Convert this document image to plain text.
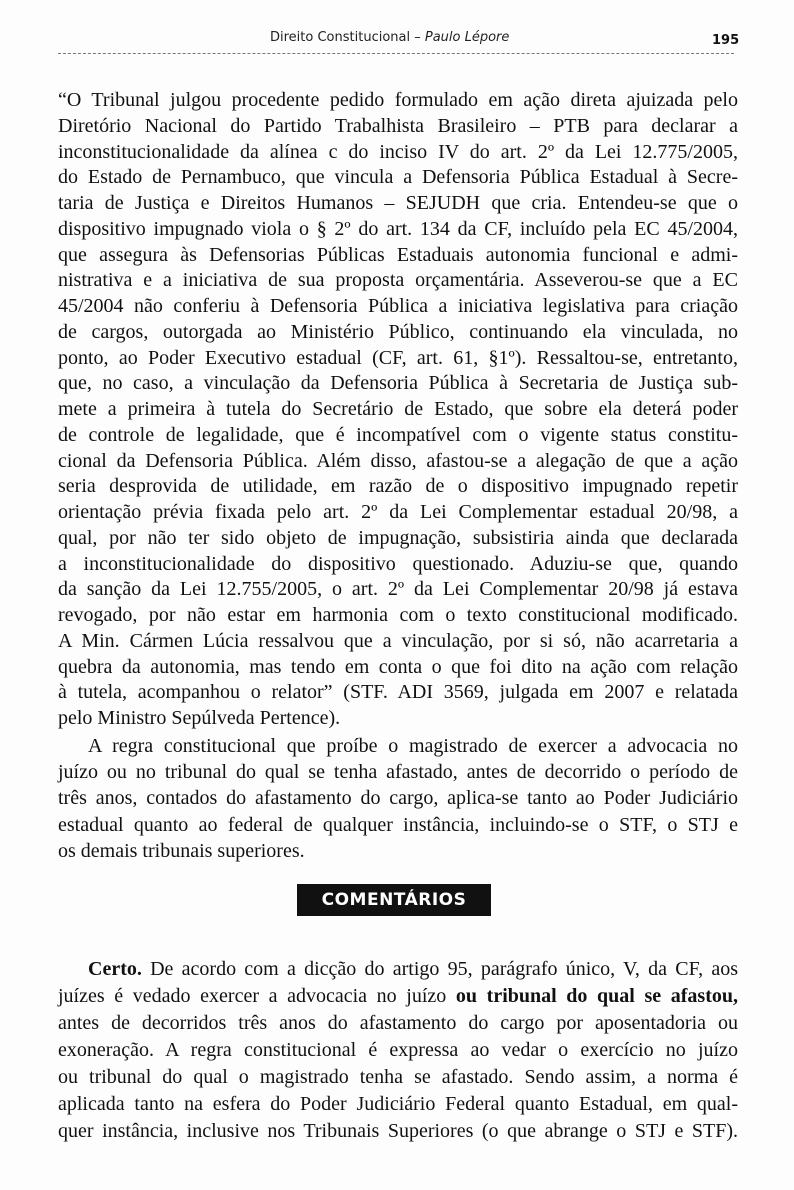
Direito Constitucional – Paulo Lépore	195
“O Tribunal julgou procedente pedido formulado em ação direta ajuizada pelo
Diretório Nacional do Partido Trabalhista Brasileiro – PTB para declarar a
inconstitucionalidade da alínea c do inciso IV do art. 2º da Lei 12.775/2005,
do Estado de Pernambuco, que vincula a Defensoria Pública Estadual à Secre-
taria de Justiça e Direitos Humanos – SEJUDH que cria. Entendeu-se que o
dispositivo impugnado viola o § 2º do art. 134 da CF, incluído pela EC 45/2004,
que assegura às Defensorias Públicas Estaduais autonomia funcional e admi-
nistrativa e a iniciativa de sua proposta orçamentária. Asseverou-se que a EC
45/2004 não conferiu à Defensoria Pública a iniciativa legislativa para criação
de cargos, outorgada ao Ministério Público, continuando ela vinculada, no
ponto, ao Poder Executivo estadual (CF, art. 61, §1º). Ressaltou-se, entretanto,
que, no caso, a vinculação da Defensoria Pública à Secretaria de Justiça sub-
mete a primeira à tutela do Secretário de Estado, que sobre ela deterá poder
de controle de legalidade, que é incompatível com o vigente status constitu-
cional da Defensoria Pública. Além disso, afastou-se a alegação de que a ação
seria desprovida de utilidade, em razão de o dispositivo impugnado repetir
orientação prévia fixada pelo art. 2º da Lei Complementar estadual 20/98, a
qual, por não ter sido objeto de impugnação, subsistiria ainda que declarada
a inconstitucionalidade do dispositivo questionado. Aduziu-se que, quando
da sanção da Lei 12.755/2005, o art. 2º da Lei Complementar 20/98 já estava
revogado, por não estar em harmonia com o texto constitucional modificado.
A Min. Cármen Lúcia ressalvou que a vinculação, por si só, não acarretaria a
quebra da autonomia, mas tendo em conta o que foi dito na ação com relação
à tutela, acompanhou o relator” (STF. ADI 3569, julgada em 2007 e relatada
pelo Ministro Sepúlveda Pertence).
A regra constitucional que proíbe o magistrado de exercer a advocacia no
juízo ou no tribunal do qual se tenha afastado, antes de decorrido o período de
três anos, contados do afastamento do cargo, aplica-se tanto ao Poder Judiciário
estadual quanto ao federal de qualquer instância, incluindo-se o STF, o STJ e
os demais tribunais superiores.
Certo. De acordo com a dicção do artigo 95, parágrafo único, V, da CF, aos
juízes é vedado exercer a advocacia no juízo ou tribunal do qual se afastou,
antes de decorridos três anos do afastamento do cargo por aposentadoria ou
exoneração. A regra constitucional é expressa ao vedar o exercício no juízo
ou tribunal do qual o magistrado tenha se afastado. Sendo assim, a norma é
aplicada tanto na esfera do Poder Judiciário Federal quanto Estadual, em qual-
quer instância, inclusive nos Tribunais Superiores (o que abrange o STJ e STF).
COMENTÁRIOS
